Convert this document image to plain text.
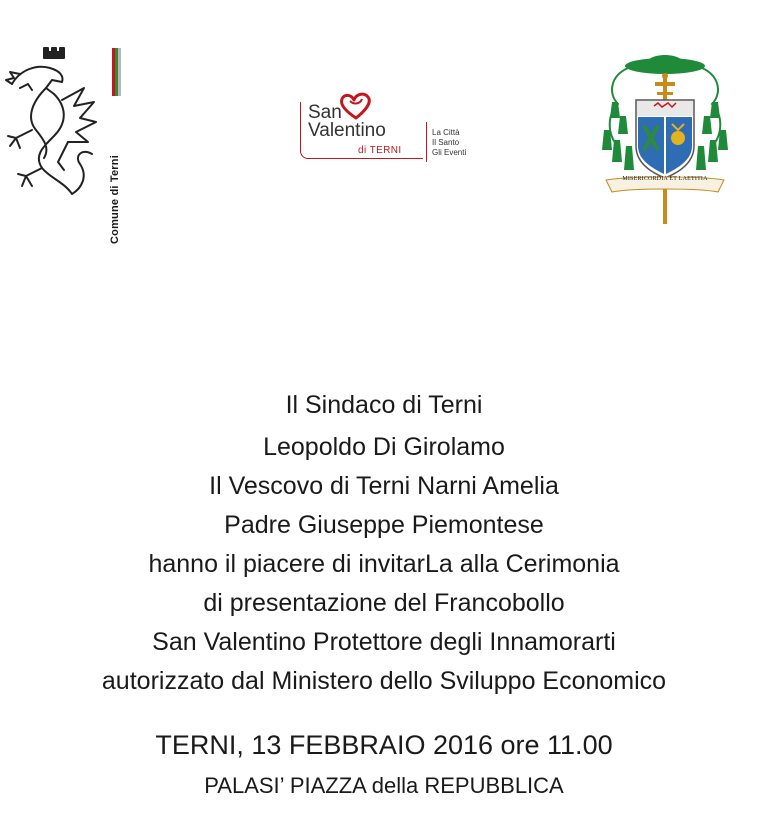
Comune di Terni
San
Valentino
di TERNI
La Città
Il Santo
Gli Eventi
MISERICORDIA ET LAETITIA
Il Sindaco di Terni
Leopoldo Di Girolamo
Il Vescovo di Terni Narni Amelia
Padre Giuseppe Piemontese
hanno il piacere di invitarLa alla Cerimonia
di presentazione del Francobollo
San Valentino Protettore degli Innamorarti
autorizzato dal Ministero dello Sviluppo Economico
TERNI, 13 FEBBRAIO 2016 ore 11.00
PALASI’ PIAZZA della REPUBBLICA
